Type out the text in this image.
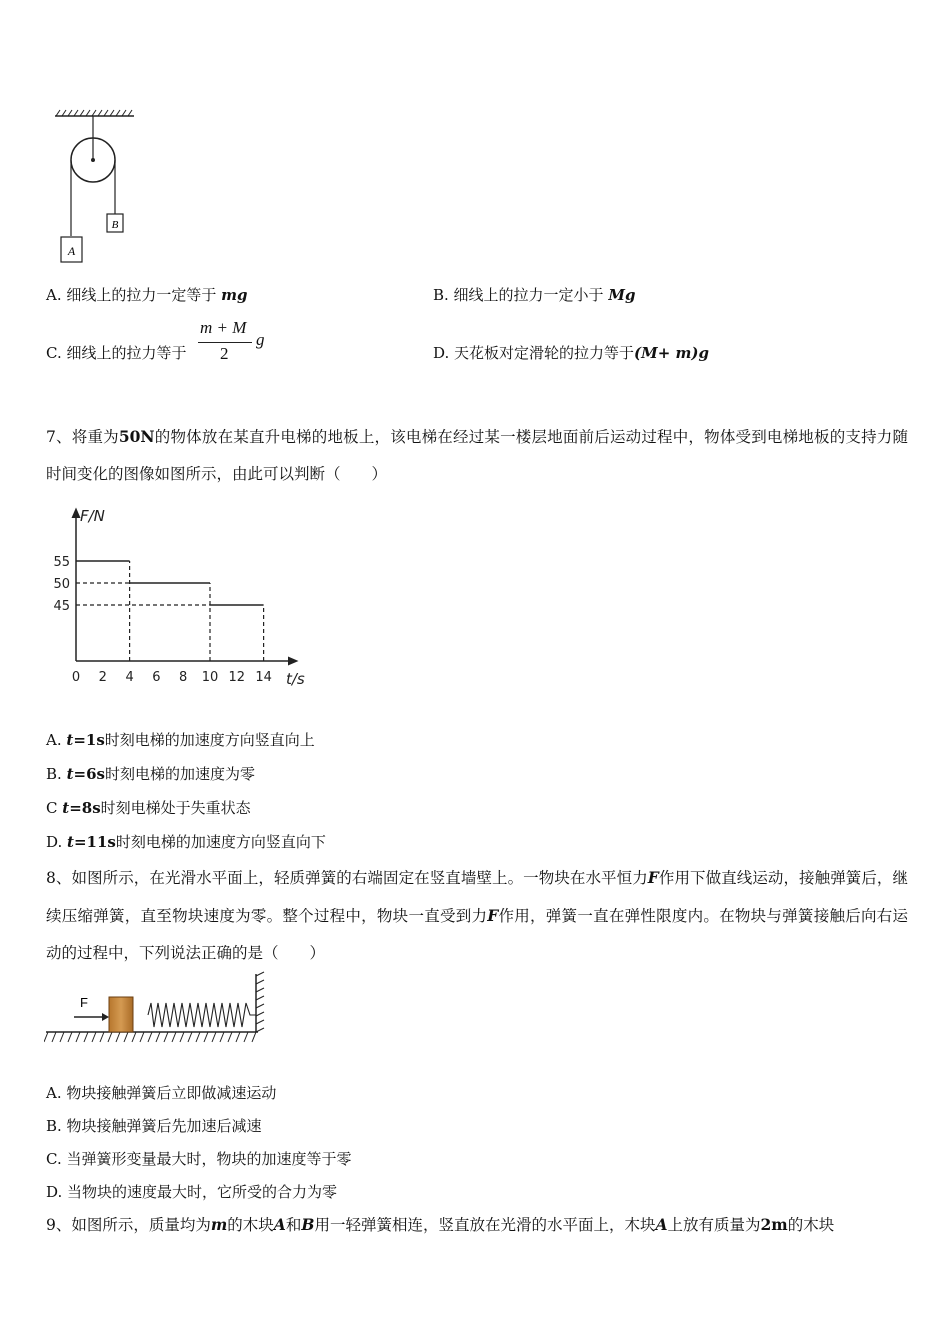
B
A
A. 细线上的拉力一定等于 mg	B. 细线上的拉力一定小于 Mg
C. 细线上的拉力等于
m + M
2
g
D. 天花板对定滑轮的拉力等于(M+ m)g
7、将重为50N的物体放在某直升电梯的地板上，该电梯在经过某一楼层地面前后运动过程中，物体受到电梯地板的支持力随时间变化的图像如图所示，由此可以判断（　　）
F/N
t/s
0 2 4 6 8 10 12 14
55
50
45
A. t=1s时刻电梯的加速度方向竖直向上
B. t=6s时刻电梯的加速度为零
C t=8s时刻电梯处于失重状态
D. t=11s时刻电梯的加速度方向竖直向下
8、如图所示，在光滑水平面上，轻质弹簧的右端固定在竖直墙壁上。一物块在水平恒力F作用下做直线运动，接触弹簧后，继续压缩弹簧，直至物块速度为零。整个过程中，物块一直受到力F作用，弹簧一直在弹性限度内。在物块与弹簧接触后向右运动的过程中，下列说法正确的是（　　）
F
A. 物块接触弹簧后立即做减速运动
B. 物块接触弹簧后先加速后减速
C. 当弹簧形变量最大时，物块的加速度等于零
D. 当物块的速度最大时，它所受的合力为零
9、如图所示，质量均为m的木块A和B用一轻弹簧相连，竖直放在光滑的水平面上，木块A上放有质量为2m的木块
